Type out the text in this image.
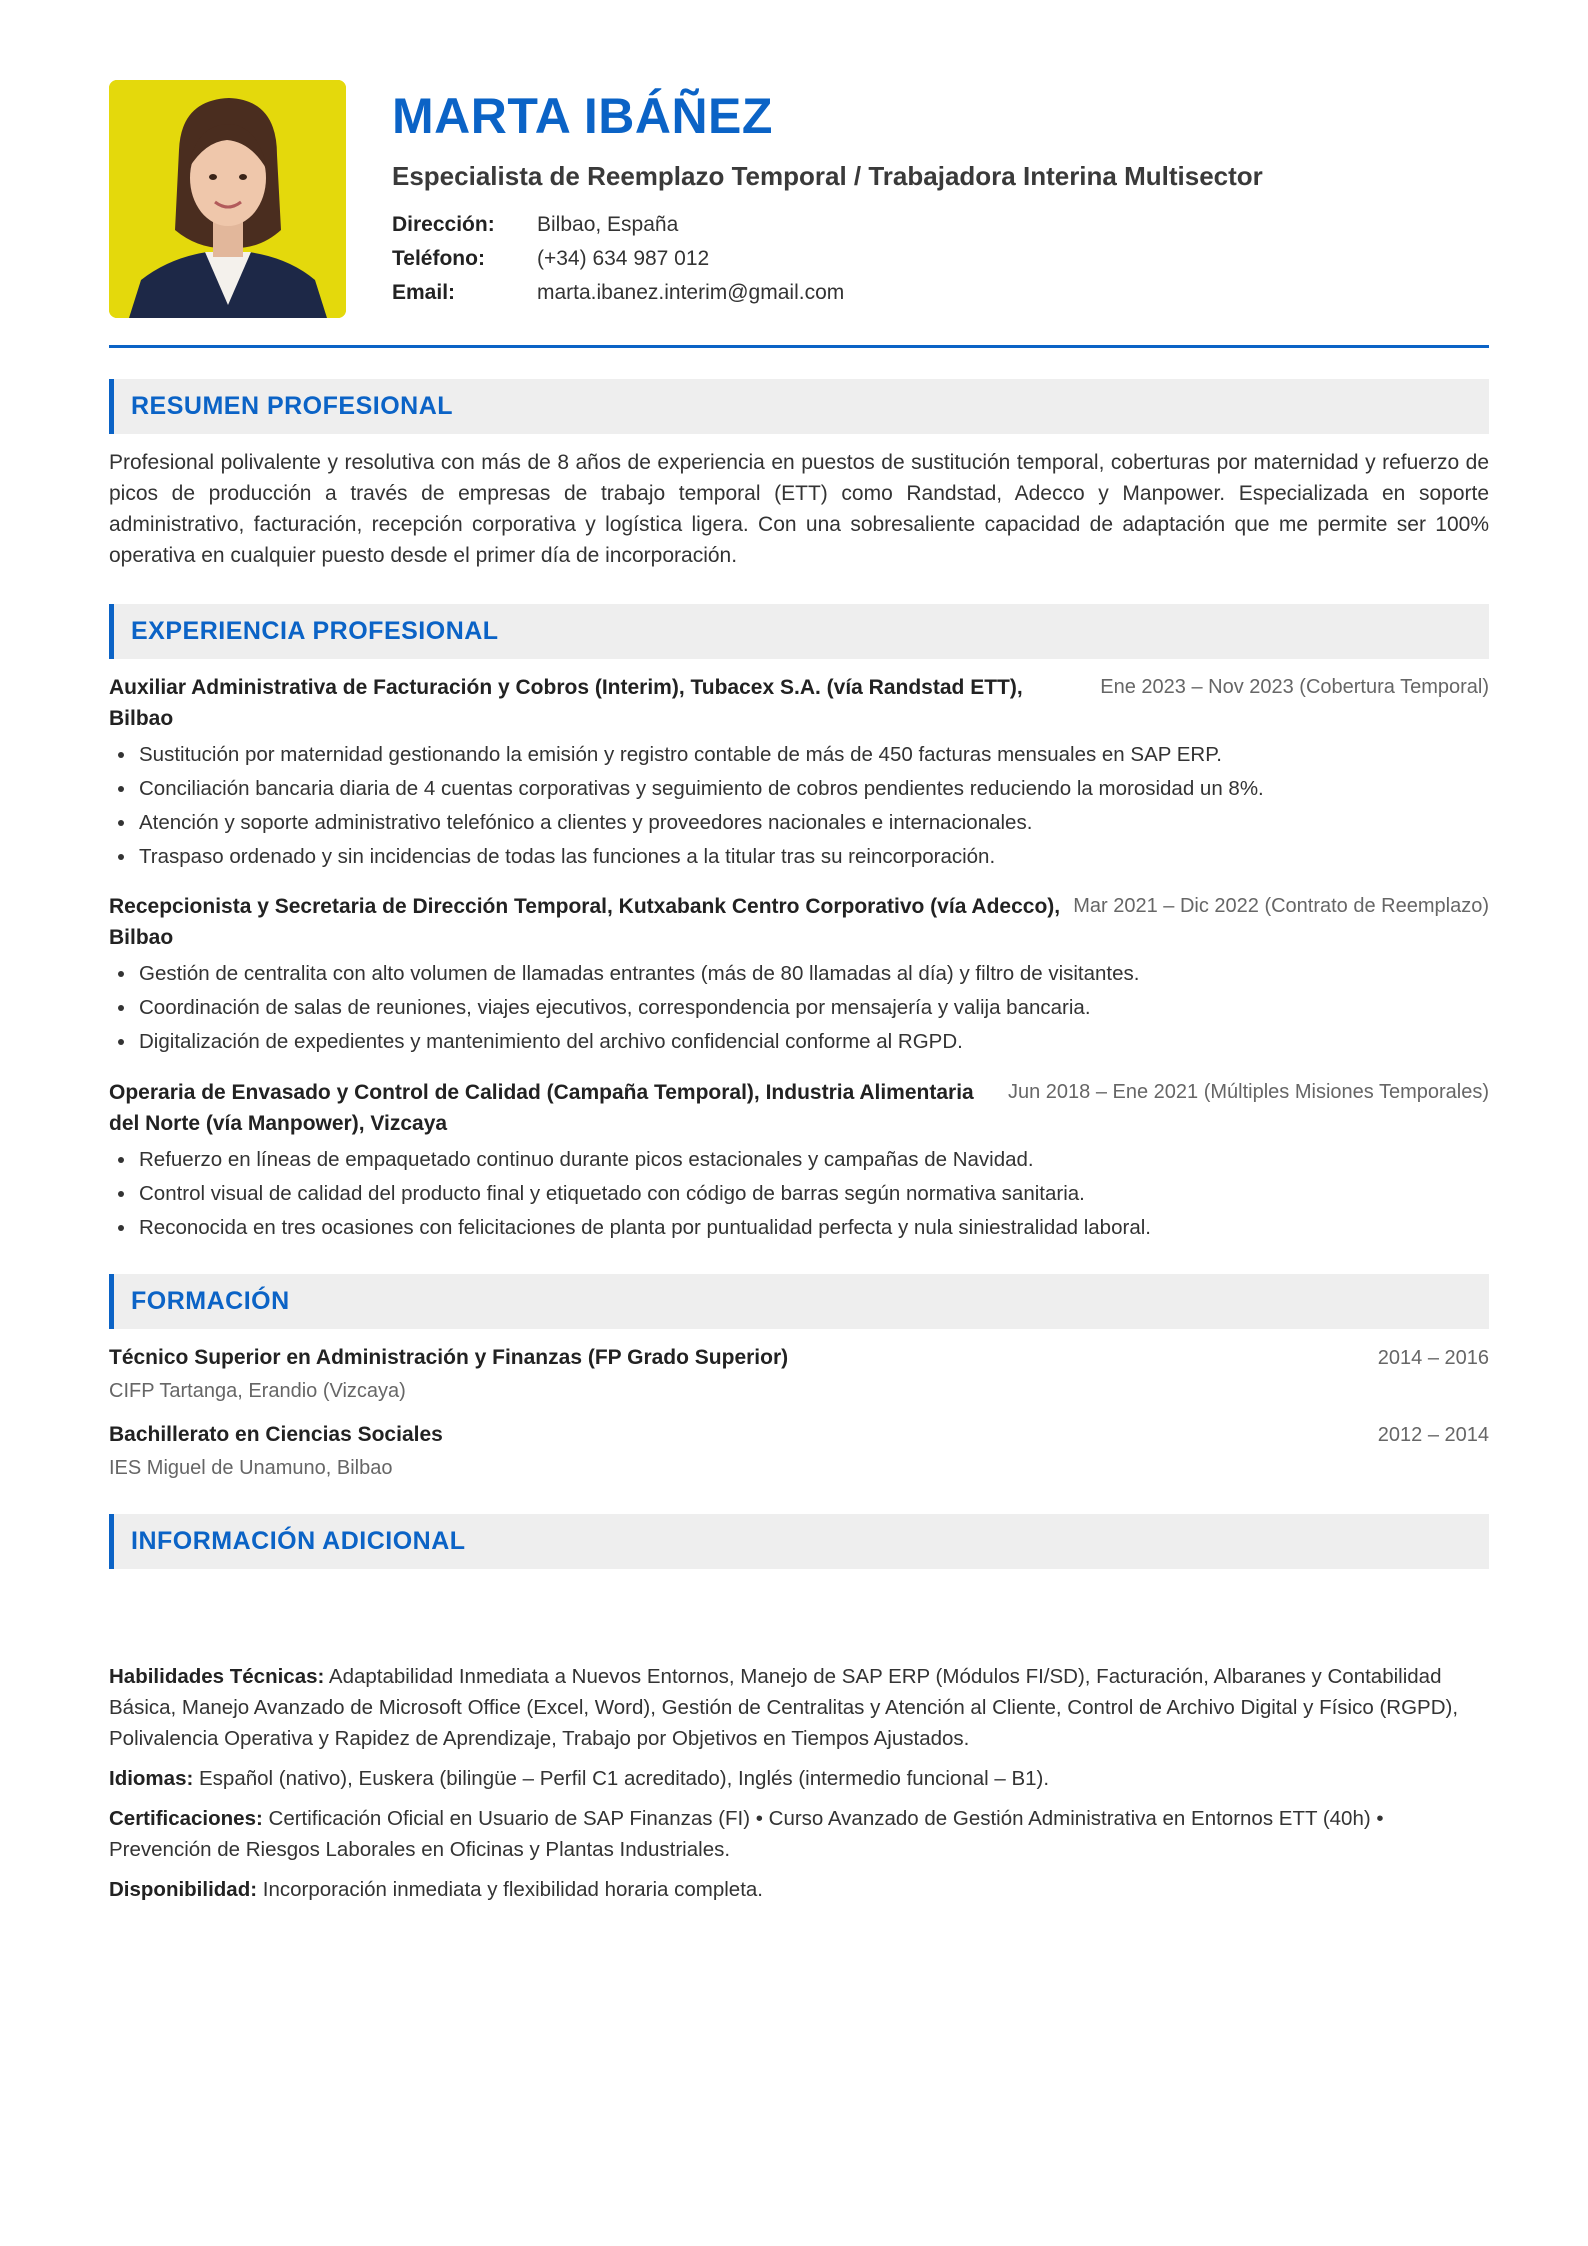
MARTA IBÁÑEZ
Especialista de Reemplazo Temporal / Trabajadora Interina Multisector
Dirección:	Bilbao, España
Teléfono:	(+34) 634 987 012
Email:	marta.ibanez.interim@gmail.com
RESUMEN PROFESIONAL

Profesional polivalente y resolutiva con más de 8 años de experiencia en puestos de sustitución temporal, coberturas por maternidad y refuerzo de picos de producción a través de empresas de trabajo temporal (ETT) como Randstad, Adecco y Manpower. Especializada en soporte administrativo, facturación, recepción corporativa y logística ligera. Con una sobresaliente capacidad de adaptación que me permite ser 100% operativa en cualquier puesto desde el primer día de incorporación.

EXPERIENCIA PROFESIONAL
Auxiliar Administrativa de Facturación y Cobros (Interim), Tubacex S.A. (vía Randstad ETT), Bilbao
Ene 2023 – Nov 2023 (Cobertura Temporal)
• Sustitución por maternidad gestionando la emisión y registro contable de más de 450 facturas mensuales en SAP ERP.
• Conciliación bancaria diaria de 4 cuentas corporativas y seguimiento de cobros pendientes reduciendo la morosidad un 8%.
• Atención y soporte administrativo telefónico a clientes y proveedores nacionales e internacionales.
• Traspaso ordenado y sin incidencias de todas las funciones a la titular tras su reincorporación.
Recepcionista y Secretaria de Dirección Temporal, Kutxabank Centro Corporativo (vía Adecco), Bilbao
Mar 2021 – Dic 2022 (Contrato de Reemplazo)
• Gestión de centralita con alto volumen de llamadas entrantes (más de 80 llamadas al día) y filtro de visitantes.
• Coordinación de salas de reuniones, viajes ejecutivos, correspondencia por mensajería y valija bancaria.
• Digitalización de expedientes y mantenimiento del archivo confidencial conforme al RGPD.
Operaria de Envasado y Control de Calidad (Campaña Temporal), Industria Alimentaria del Norte (vía Manpower), Vizcaya
Jun 2018 – Ene 2021 (Múltiples Misiones Temporales)
• Refuerzo en líneas de empaquetado continuo durante picos estacionales y campañas de Navidad.
• Control visual de calidad del producto final y etiquetado con código de barras según normativa sanitaria.
• Reconocida en tres ocasiones con felicitaciones de planta por puntualidad perfecta y nula siniestralidad laboral.
FORMACIÓN
Técnico Superior en Administración y Finanzas (FP Grado Superior)	2014 – 2016
CIFP Tartanga, Erandio (Vizcaya)
Bachillerato en Ciencias Sociales	2012 – 2014
IES Miguel de Unamuno, Bilbao
INFORMACIÓN ADICIONAL

Habilidades Técnicas: Adaptabilidad Inmediata a Nuevos Entornos, Manejo de SAP ERP (Módulos FI/SD), Facturación, Albaranes y Contabilidad Básica, Manejo Avanzado de Microsoft Office (Excel, Word), Gestión de Centralitas y Atención al Cliente, Control de Archivo Digital y Físico (RGPD), Polivalencia Operativa y Rapidez de Aprendizaje, Trabajo por Objetivos en Tiempos Ajustados.

Idiomas: Español (nativo), Euskera (bilingüe – Perfil C1 acreditado), Inglés (intermedio funcional – B1).

Certificaciones: Certificación Oficial en Usuario de SAP Finanzas (FI) • Curso Avanzado de Gestión Administrativa en Entornos ETT (40h) • Prevención de Riesgos Laborales en Oficinas y Plantas Industriales.

Disponibilidad: Incorporación inmediata y flexibilidad horaria completa.
